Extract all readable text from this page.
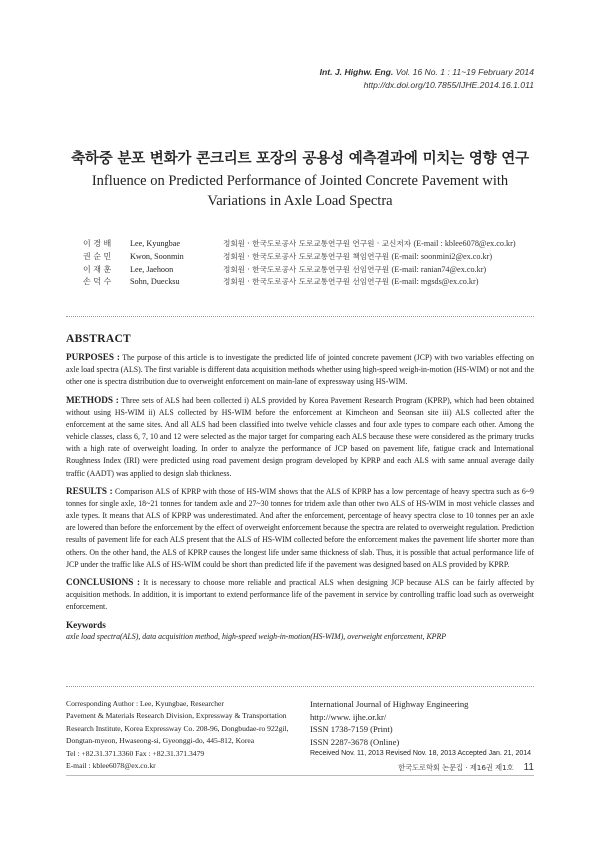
Int. J. Highw. Eng. Vol. 16 No. 1 : 11~19 February 2014
http://dx.doi.org/10.7855/IJHE.2014.16.1.011
축하중 분포 변화가 콘크리트 포장의 공용성 예측결과에 미치는 영향 연구
Influence on Predicted Performance of Jointed Concrete Pavement with Variations in Axle Load Spectra
이 경 배	Lee, Kyungbae	정회원 · 한국도로공사 도로교통연구원 연구원 · 교신저자 (E-mail : kblee6078@ex.co.kr)
권 순 민	Kwon, Soonmin	정회원 · 한국도로공사 도로교통연구원 책임연구원 (E-mail: soonmini2@ex.co.kr)
이 재 훈	Lee, Jaehoon	정회원 · 한국도로공사 도로교통연구원 선임연구원 (E-mail: ranian74@ex.co.kr)
손 덕 수	Sohn, Duecksu	정회원 · 한국도로공사 도로교통연구원 선임연구원 (E-mail: mgsds@ex.co.kr)
ABSTRACT

PURPOSES : The purpose of this article is to investigate the predicted life of jointed concrete pavement (JCP) with two variables effecting on axle load spectra (ALS). The first variable is different data acquisition methods whether using high-speed weigh-in-motion (HS-WIM) or not and the other one is spectra distribution due to overweight enforcement on main-lane of expressway using HS-WIM.

METHODS : Three sets of ALS had been collected i) ALS provided by Korea Pavement Research Program (KPRP), which had been obtained without using HS-WIM ii) ALS collected by HS-WIM before the enforcement at Kimcheon and Seonsan site iii) ALS collected after the enforcement at the same sites. And all ALS had been classified into twelve vehicle classes and four axle types to compare each other. Among the vehicle classes, class 6, 7, 10 and 12 were selected as the major target for comparing each ALS because these were considered as the primary trucks with a high rate of overweight loading. In order to analyze the performance of JCP based on pavement life, fatigue crack and International Roughness Index (IRI) were predicted using road pavement design program developed by KPRP and each ALS with same annual average daily traffic (AADT) was applied to design slab thickness.

RESULTS : Comparison ALS of KPRP with those of HS-WIM shows that the ALS of KPRP has a low percentage of heavy spectra such as 6~9 tonnes for single axle, 18~21 tonnes for tandem axle and 27~30 tonnes for tridem axle than other two ALS of HS-WIM in most vehicle classes and axle types. It means that ALS of KPRP was underestimated. And after the enforcement, percentage of heavy spectra close to 10 tonnes per an axle are lowered than before the enforcement by the effect of overweight enforcement because the spectra are related to overweight regulation. Prediction results of pavement life for each ALS present that the ALS of HS-WIM collected before the enforcement makes the pavement life shorter more than others. On the other hand, the ALS of KPRP causes the longest life under same thickness of slab. Thus, it is possible that actual performance life of JCP under the traffic like ALS of HS-WIM could be short than predicted life if the pavement was designed based on ALS provided by KPRP.

CONCLUSIONS : It is necessary to choose more reliable and practical ALS when designing JCP because ALS can be fairly affected by acquisition methods. In addition, it is important to extend performance life of the pavement in service by controlling traffic load such as overweight enforcement.

Keywords
axle load spectra(ALS), data acquisition method, high-speed weigh-in-motion(HS-WIM), overweight enforcement, KPRP
Corresponding Author : Lee, Kyungbae, Researcher
Pavement & Materials Research Division, Expressway & Transportation
Research Institute, Korea Expressway Co. 208-96, Dongbudae-ro 922gil,
Dongtan-myeon, Hwaseong-si, Gyeonggi-do, 445-812, Korea
Tel : +82.31.371.3360 Fax : +82.31.371.3479
E-mail : kblee6078@ex.co.kr
International Journal of Highway Engineering
http://www. ijhe.or.kr/
ISSN 1738-7159 (Print)
ISSN 2287-3678 (Online)
Received Nov. 11, 2013 Revised Nov. 18, 2013 Accepted Jan. 21, 2014
한국도로학회 논문집 · 제16권 제1호 11
